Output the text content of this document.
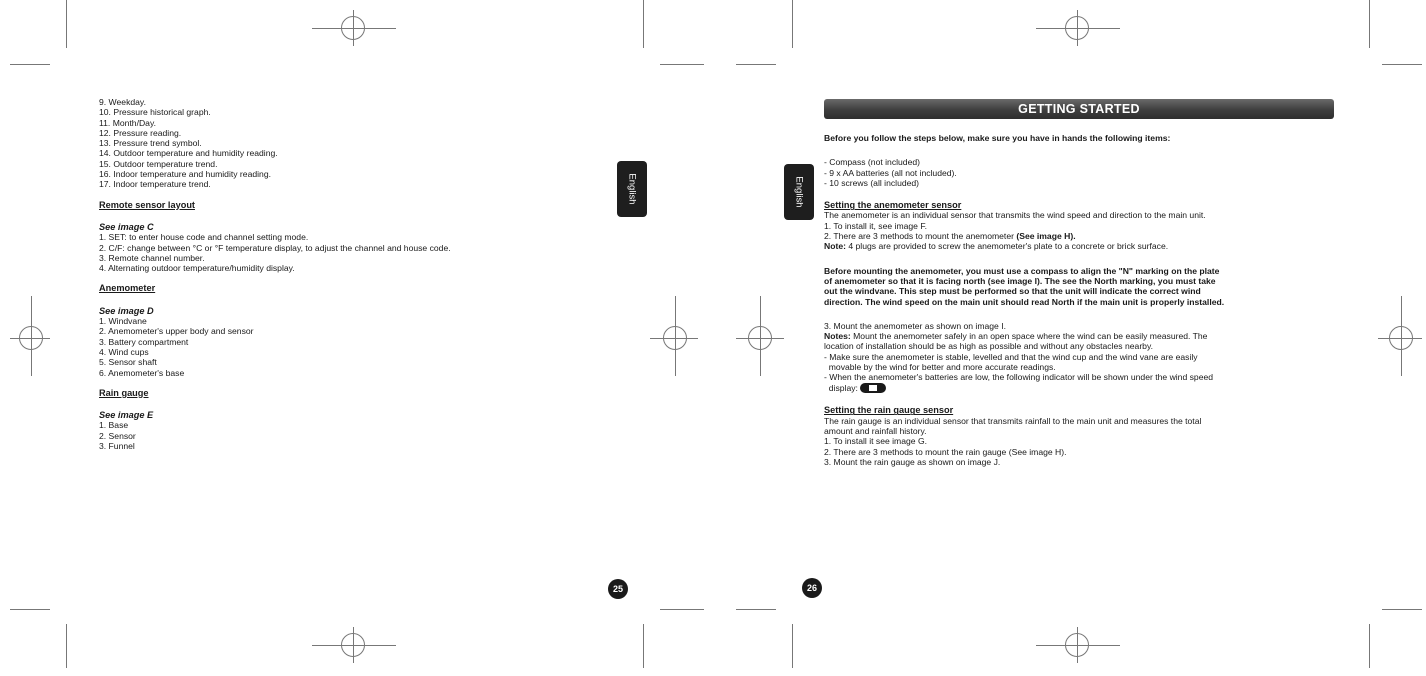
9. Weekday.
10. Pressure historical graph.
11. Month/Day.
12. Pressure reading.
13. Pressure trend symbol.
14. Outdoor temperature and humidity reading.
15. Outdoor temperature trend.
16. Indoor temperature and humidity reading.
17. Indoor temperature trend.
Remote sensor layout
See image C
1. SET: to enter house code and channel setting mode.
2. C/F: change between °C or °F temperature display, to adjust the channel and house code.
3. Remote channel number.
4. Alternating outdoor temperature/humidity display.
Anemometer
See image D
1. Windvane
2. Anemometer's upper body and sensor
3. Battery compartment
4. Wind cups
5. Sensor shaft
6. Anemometer's base
Rain gauge
See image E
1. Base
2. Sensor
3. Funnel
English
25
English
26
GETTING STARTED
Before you follow the steps below, make sure you have in hands the following items:
- Compass (not included)
- 9 x AA batteries (all not included).
- 10 screws (all included)
Setting the anemometer sensor
The anemometer is an individual sensor that transmits the wind speed and direction to the main unit.
1. To install it, see image F.
2. There are 3 methods to mount the anemometer (See image H).
Note: 4 plugs are provided to screw the anemometer's plate to a concrete or brick surface.
Before mounting the anemometer, you must use a compass to align the "N" marking on the plate
of anemometer so that it is facing north (see image I). The see the North marking, you must take
out the windvane. This step must be performed so that the unit will indicate the correct wind
direction. The wind speed on the main unit should read North if the main unit is properly installed.
3. Mount the anemometer as shown on image I.
Notes: Mount the anemometer safely in an open space where the wind can be easily measured. The
location of installation should be as high as possible and without any obstacles nearby.
- Make sure the anemometer is stable, levelled and that the wind cup and the wind vane are easily
movable by the wind for better and more accurate readings.
- When the anemometer's batteries are low, the following indicator will be shown under the wind speed
display:
Setting the rain gauge sensor
The rain gauge is an individual sensor that transmits rainfall to the main unit and measures the total
amount and rainfall history.
1. To install it see image G.
2. There are 3 methods to mount the rain gauge (See image H).
3. Mount the rain gauge as shown on image J.
